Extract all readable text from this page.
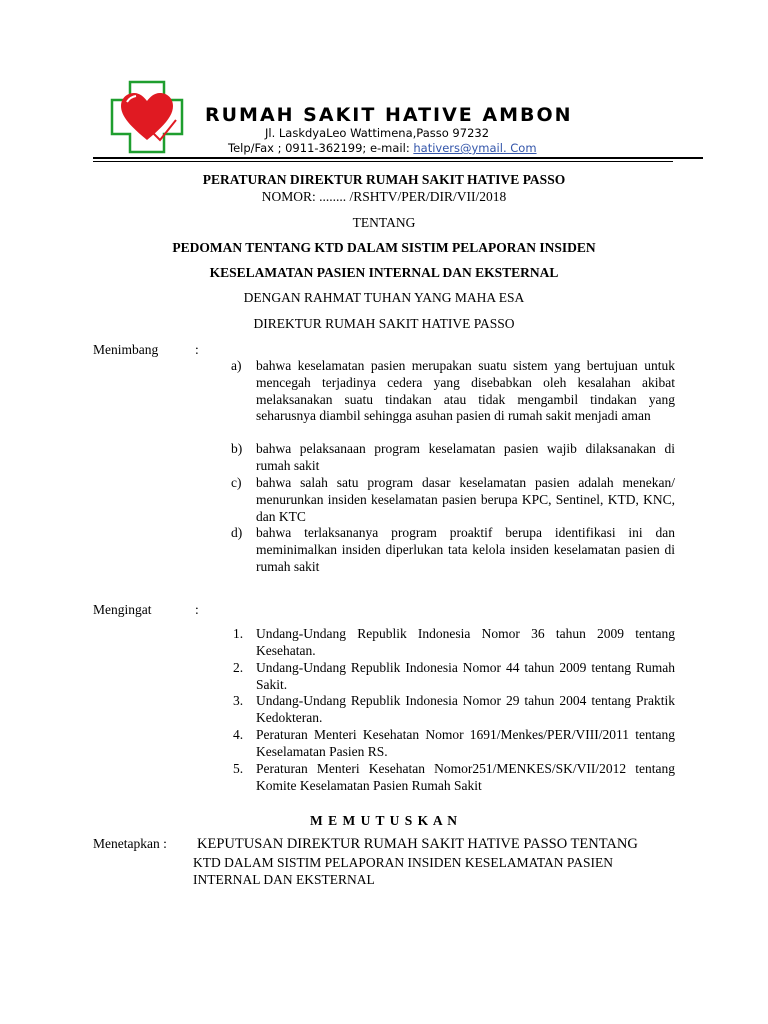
RUMAH SAKIT HATIVE AMBON
Jl. LaskdyaLeo Wattimena,Passo 97232
Telp/Fax ; 0911-362199; e-mail: hativers@ymail. Com
PERATURAN DIREKTUR RUMAH SAKIT HATIVE PASSO
NOMOR: ........ /RSHTV/PER/DIR/VII/2018
TENTANG
PEDOMAN TENTANG KTD DALAM SISTIM PELAPORAN INSIDEN
KESELAMATAN PASIEN INTERNAL DAN EKSTERNAL
DENGAN RAHMAT TUHAN YANG MAHA ESA
DIREKTUR RUMAH SAKIT HATIVE PASSO
Menimbang	:
a) bahwa keselamatan pasien merupakan suatu sistem yang bertujuan untuk mencegah terjadinya cedera yang disebabkan oleh kesalahan akibat melaksanakan suatu tindakan atau tidak mengambil tindakan yang seharusnya diambil sehingga asuhan pasien di rumah sakit menjadi aman
b) bahwa pelaksanaan program keselamatan pasien wajib dilaksanakan di rumah sakit
c) bahwa salah satu program dasar keselamatan pasien adalah menekan/ menurunkan insiden keselamatan pasien berupa KPC, Sentinel, KTD, KNC, dan KTC
d) bahwa terlaksananya program proaktif berupa identifikasi ini dan meminimalkan insiden diperlukan tata kelola insiden keselamatan pasien di rumah sakit
Mengingat	:
1. Undang-Undang Republik Indonesia Nomor 36 tahun 2009 tentang Kesehatan.
2. Undang-Undang Republik Indonesia Nomor 44 tahun 2009 tentang Rumah Sakit.
3. Undang-Undang Republik Indonesia Nomor 29 tahun 2004 tentang Praktik Kedokteran.
4. Peraturan Menteri Kesehatan Nomor 1691/Menkes/PER/VIII/2011 tentang Keselamatan Pasien RS.
5. Peraturan Menteri Kesehatan Nomor251/MENKES/SK/VII/2012 tentang Komite Keselamatan Pasien Rumah Sakit
M E M U T U S K A N
Menetapkan : KEPUTUSAN DIREKTUR RUMAH SAKIT HATIVE PASSO TENTANG
KTD DALAM SISTIM PELAPORAN INSIDEN KESELAMATAN PASIEN
INTERNAL DAN EKSTERNAL
